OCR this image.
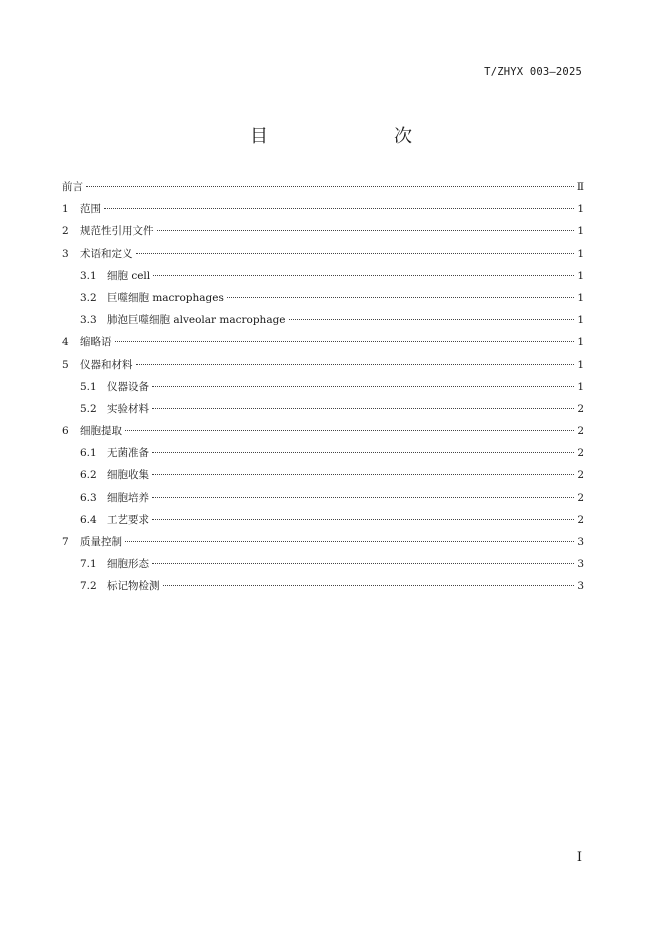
T/ZHYX 003—2025
目　　次
前言	Ⅱ
1	范围	1
2	规范性引用文件	1
3	术语和定义	1
3.1 细胞 cell	1
3.2 巨噬细胞 macrophages	1
3.3 肺泡巨噬细胞 alveolar macrophage	1
4	缩略语	1
5	仪器和材料	1
5.1 仪器设备	1
5.2 实验材料	2
6	细胞提取	2
6.1 无菌准备	2
6.2 细胞收集	2
6.3 细胞培养	2
6.4 工艺要求	2
7	质量控制	3
7.1 细胞形态	3
7.2 标记物检测	3
Ⅰ
